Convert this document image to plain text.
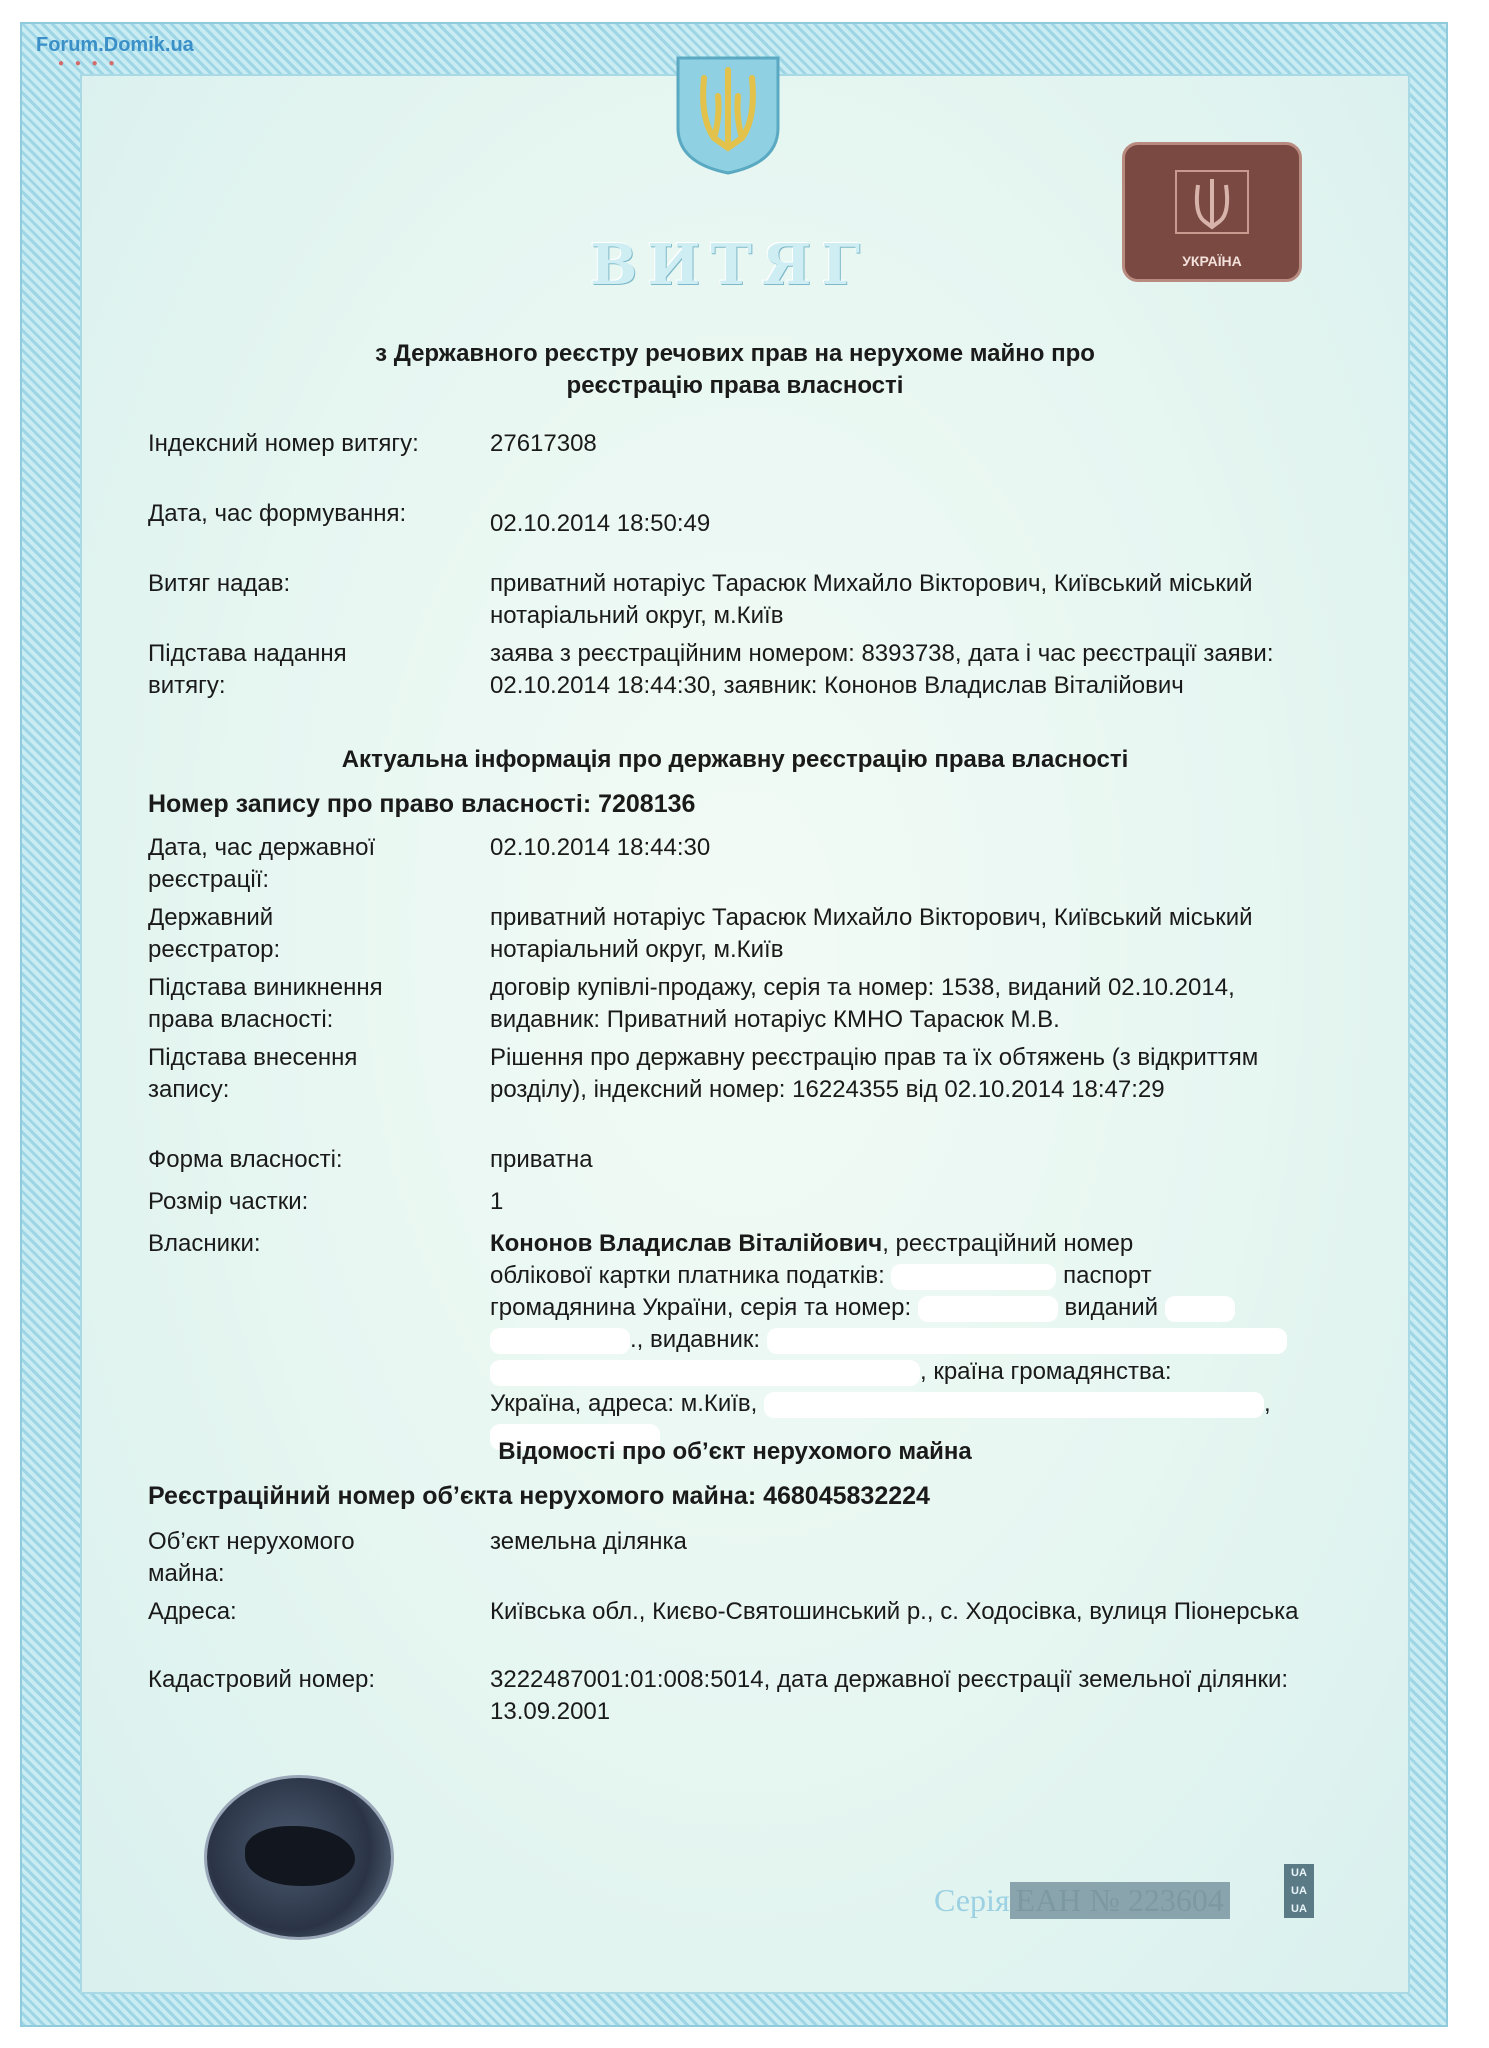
Forum.Domik.ua
● ● ● ●
ВИТЯГ	УКРАЇНА
з Державного реєстру речових прав на нерухоме майно про
реєстрацію права власності
Індексний номер витягу:	27617308
Дата, час формування:	02.10.2014 18:50:49
Витяг надав:	приватний нотаріус Тарасюк Михайло Вікторович, Київський міський нотаріальний округ, м.Київ
Підстава надання витягу:
заява з реєстраційним номером: 8393738, дата і час реєстрації заяви: 02.10.2014 18:44:30, заявник: Кононов Владислав Віталійович
Актуальна інформація про державну реєстрацію права власності
Номер запису про право власності: 7208136
Дата, час державної реєстрації:
02.10.2014 18:44:30
Державний реєстратор:
приватний нотаріус Тарасюк Михайло Вікторович, Київський міський нотаріальний округ, м.Київ
Підстава виникнення права власності:
договір купівлі-продажу, серія та номер: 1538, виданий 02.10.2014, видавник: Приватний нотаріус КМНО Тарасюк М.В.
Підстава внесення запису:
Рішення про державну реєстрацію прав та їх обтяжень (з відкриттям розділу), індексний номер: 16224355 від 02.10.2014 18:47:29
Форма власності:	приватна
Розмір частки:	1
Власники:	Кононов Владислав Віталійович, реєстраційний номер
облікової картки платника податків:	паспорт
громадянина України, серія та номер:	виданий
., видавник:
, країна громадянства:
Україна, адреса: м.Київ,	,
Відомості про об’єкт нерухомого майна
Реєстраційний номер об’єкта нерухомого майна: 468045832224
Об’єкт нерухомого майна:
земельна ділянка
Адреса:	Київська обл., Києво-Святошинський р., с. Ходосівка, вулиця Піонерська
Кадастровий номер:	3222487001:01:008:5014, дата державної реєстрації земельної ділянки: 13.09.2001
Серія ЕАН № 223604
UA
UA
UA
